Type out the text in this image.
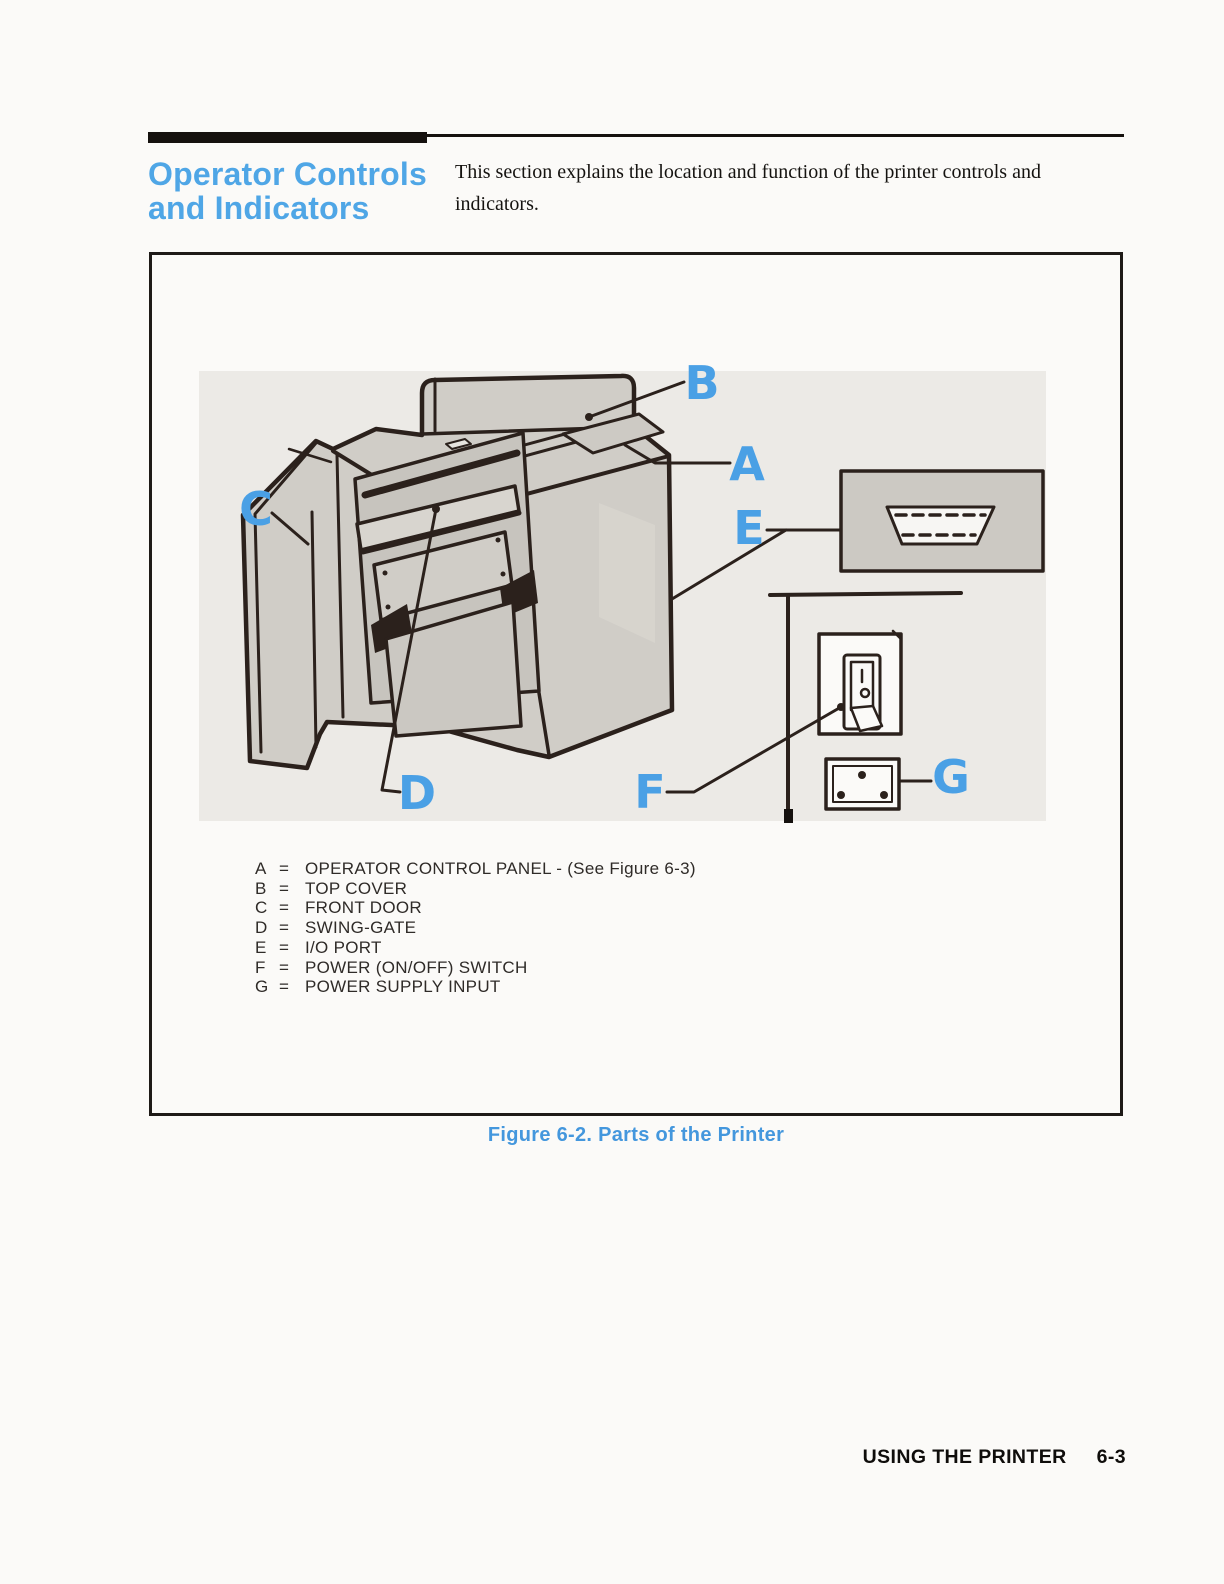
Operator Controls
and Indicators
This section explains the location and function of the printer controls and indicators.
A
B
C
D
E
F	G
A = OPERATOR CONTROL PANEL - (See Figure 6-3)
B = TOP COVER
C = FRONT DOOR
D = SWING-GATE
E = I/O PORT
F = POWER (ON/OFF) SWITCH
G = POWER SUPPLY INPUT
Figure 6-2. Parts of the Printer
USING THE PRINTER 6-3
